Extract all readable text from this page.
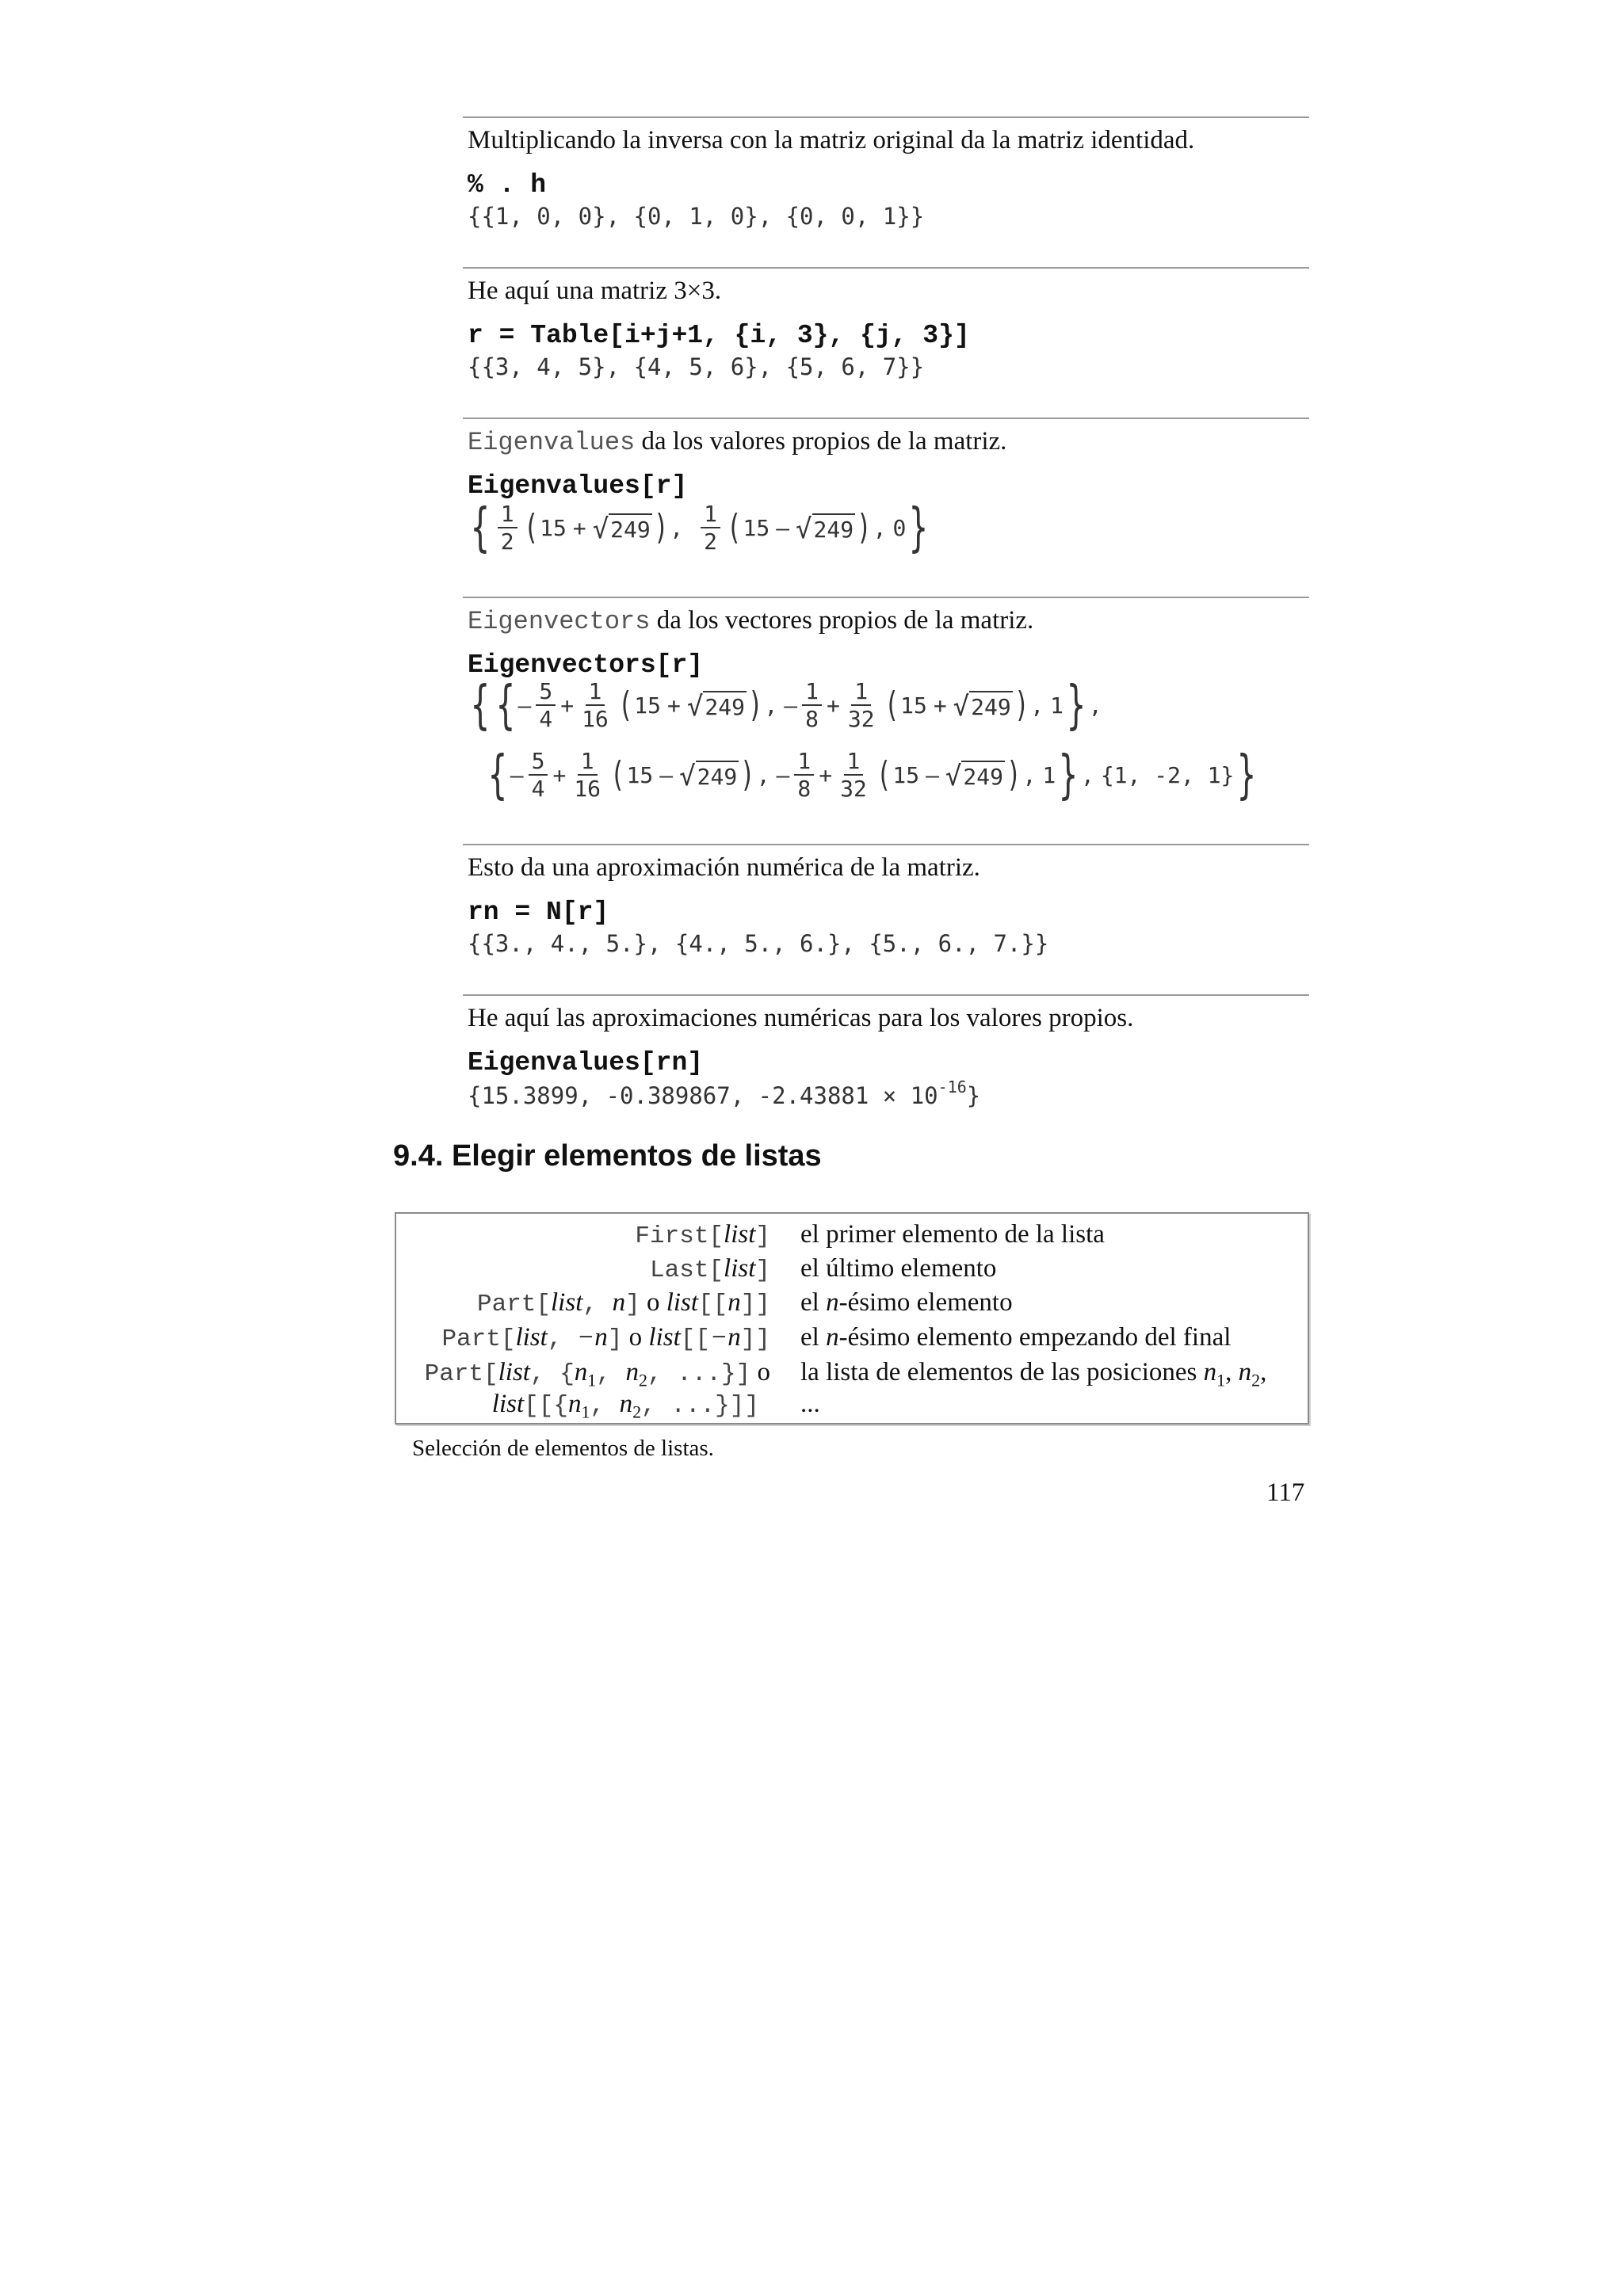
Multiplicando la inversa con la matriz original da la matriz identidad.
% . h
{{1, 0, 0}, {0, 1, 0}, {0, 0, 1}}
He aquí una matriz 3×3.
r = Table[i+j+1, {i, 3}, {j, 3}]
{{3, 4, 5}, {4, 5, 6}, {5, 6, 7}}
Eigenvalues da los valores propios de la matriz.
Eigenvalues[r]
{ $\frac{1}{2}$ ( 15 + √ 249 ) , $\frac{1}{2}$ ( 15 – √ 249 ) , 0 }
Eigenvectors da los vectores propios de la matriz.
Eigenvectors[r]
{ { – $\frac{5}{4} + \frac{1}{16}$ ( 15 + √ 249 ) , – $\frac{1}{8} + \frac{1}{32}$ ( 15 + √ 249 ) , 1 } ,
{ – $\frac{5}{4} + \frac{1}{16}$ ( 15 – √ 249 ) , – $\frac{1}{8} + \frac{1}{32}$ ( 15 – √ 249 ) , 1 } , {1, -2, 1} }
Esto da una aproximación numérica de la matriz.
rn = N[r]
{{3., 4., 5.}, {4., 5., 6.}, {5., 6., 7.}}
He aquí las aproximaciones numéricas para los valores propios.
Eigenvalues[rn]
{15.3899, -0.389867, $-2.43881 \times 10^{-16}$}
9.4. Elegir elementos de listas
First[list] el primer elemento de la lista
Last[list] el último elemento
Part[list, n] o list[[n]] el n-ésimo elemento
Part[list, −n] o list[[−n]] el n-ésimo elemento empezando del final
Part[list, {$n_1$, $n_2$, ...}] o la lista de elementos de las posiciones $n_1$, $n_2$,
$list[[\{n_1$, $n_2$, ...}]] ...
Selección de elementos de listas.
117
